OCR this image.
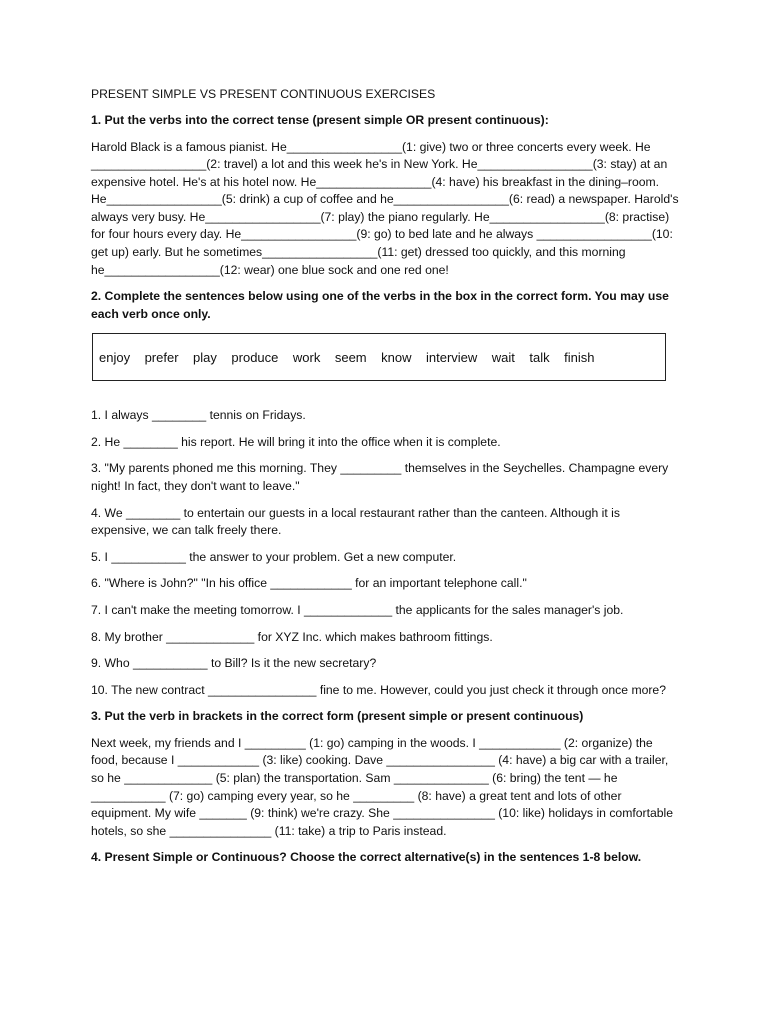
PRESENT SIMPLE VS PRESENT CONTINUOUS EXERCISES
1. Put the verbs into the correct tense (present simple OR present continuous):
Harold Black is a famous pianist. He_________________(1: give) two or three concerts every week. He _________________(2: travel) a lot and this week he's in New York. He_________________(3: stay) at an expensive hotel. He's at his hotel now. He_________________(4: have) his breakfast in the dining–room. He_________________(5: drink) a cup of coffee and he_________________(6: read) a newspaper. Harold's always very busy. He_________________(7: play) the piano regularly. He_________________(8: practise) for four hours every day. He_________________(9: go) to bed late and he always _________________(10: get up) early. But he sometimes_________________(11: get) dressed too quickly, and this morning he_________________(12: wear) one blue sock and one red one!
2. Complete the sentences below using one of the verbs in the box in the correct form. You may use each verb once only.
enjoy prefer play produce work seem know interview wait talk finish
1. I always ________ tennis on Fridays.
2. He ________ his report. He will bring it into the office when it is complete.
3. "My parents phoned me this morning. They _________ themselves in the Seychelles. Champagne every night! In fact, they don't want to leave."
4. We ________ to entertain our guests in a local restaurant rather than the canteen. Although it is expensive, we can talk freely there.
5. I ___________ the answer to your problem. Get a new computer.
6. "Where is John?" "In his office ____________ for an important telephone call."
7. I can't make the meeting tomorrow. I _____________ the applicants for the sales manager's job.
8. My brother _____________ for XYZ Inc. which makes bathroom fittings.
9. Who ___________ to Bill? Is it the new secretary?
10. The new contract ________________ fine to me. However, could you just check it through once more?
3. Put the verb in brackets in the correct form (present simple or present continuous)
Next week, my friends and I _________ (1: go) camping in the woods. I ____________ (2: organize) the food, because I ____________ (3: like) cooking. Dave ________________ (4: have) a big car with a trailer, so he _____________ (5: plan) the transportation. Sam ______________ (6: bring) the tent — he ___________ (7: go) camping every year, so he _________ (8: have) a great tent and lots of other equipment. My wife _______ (9: think) we're crazy. She _______________ (10: like) holidays in comfortable hotels, so she _______________ (11: take) a trip to Paris instead.
4. Present Simple or Continuous? Choose the correct alternative(s) in the sentences 1-8 below.
